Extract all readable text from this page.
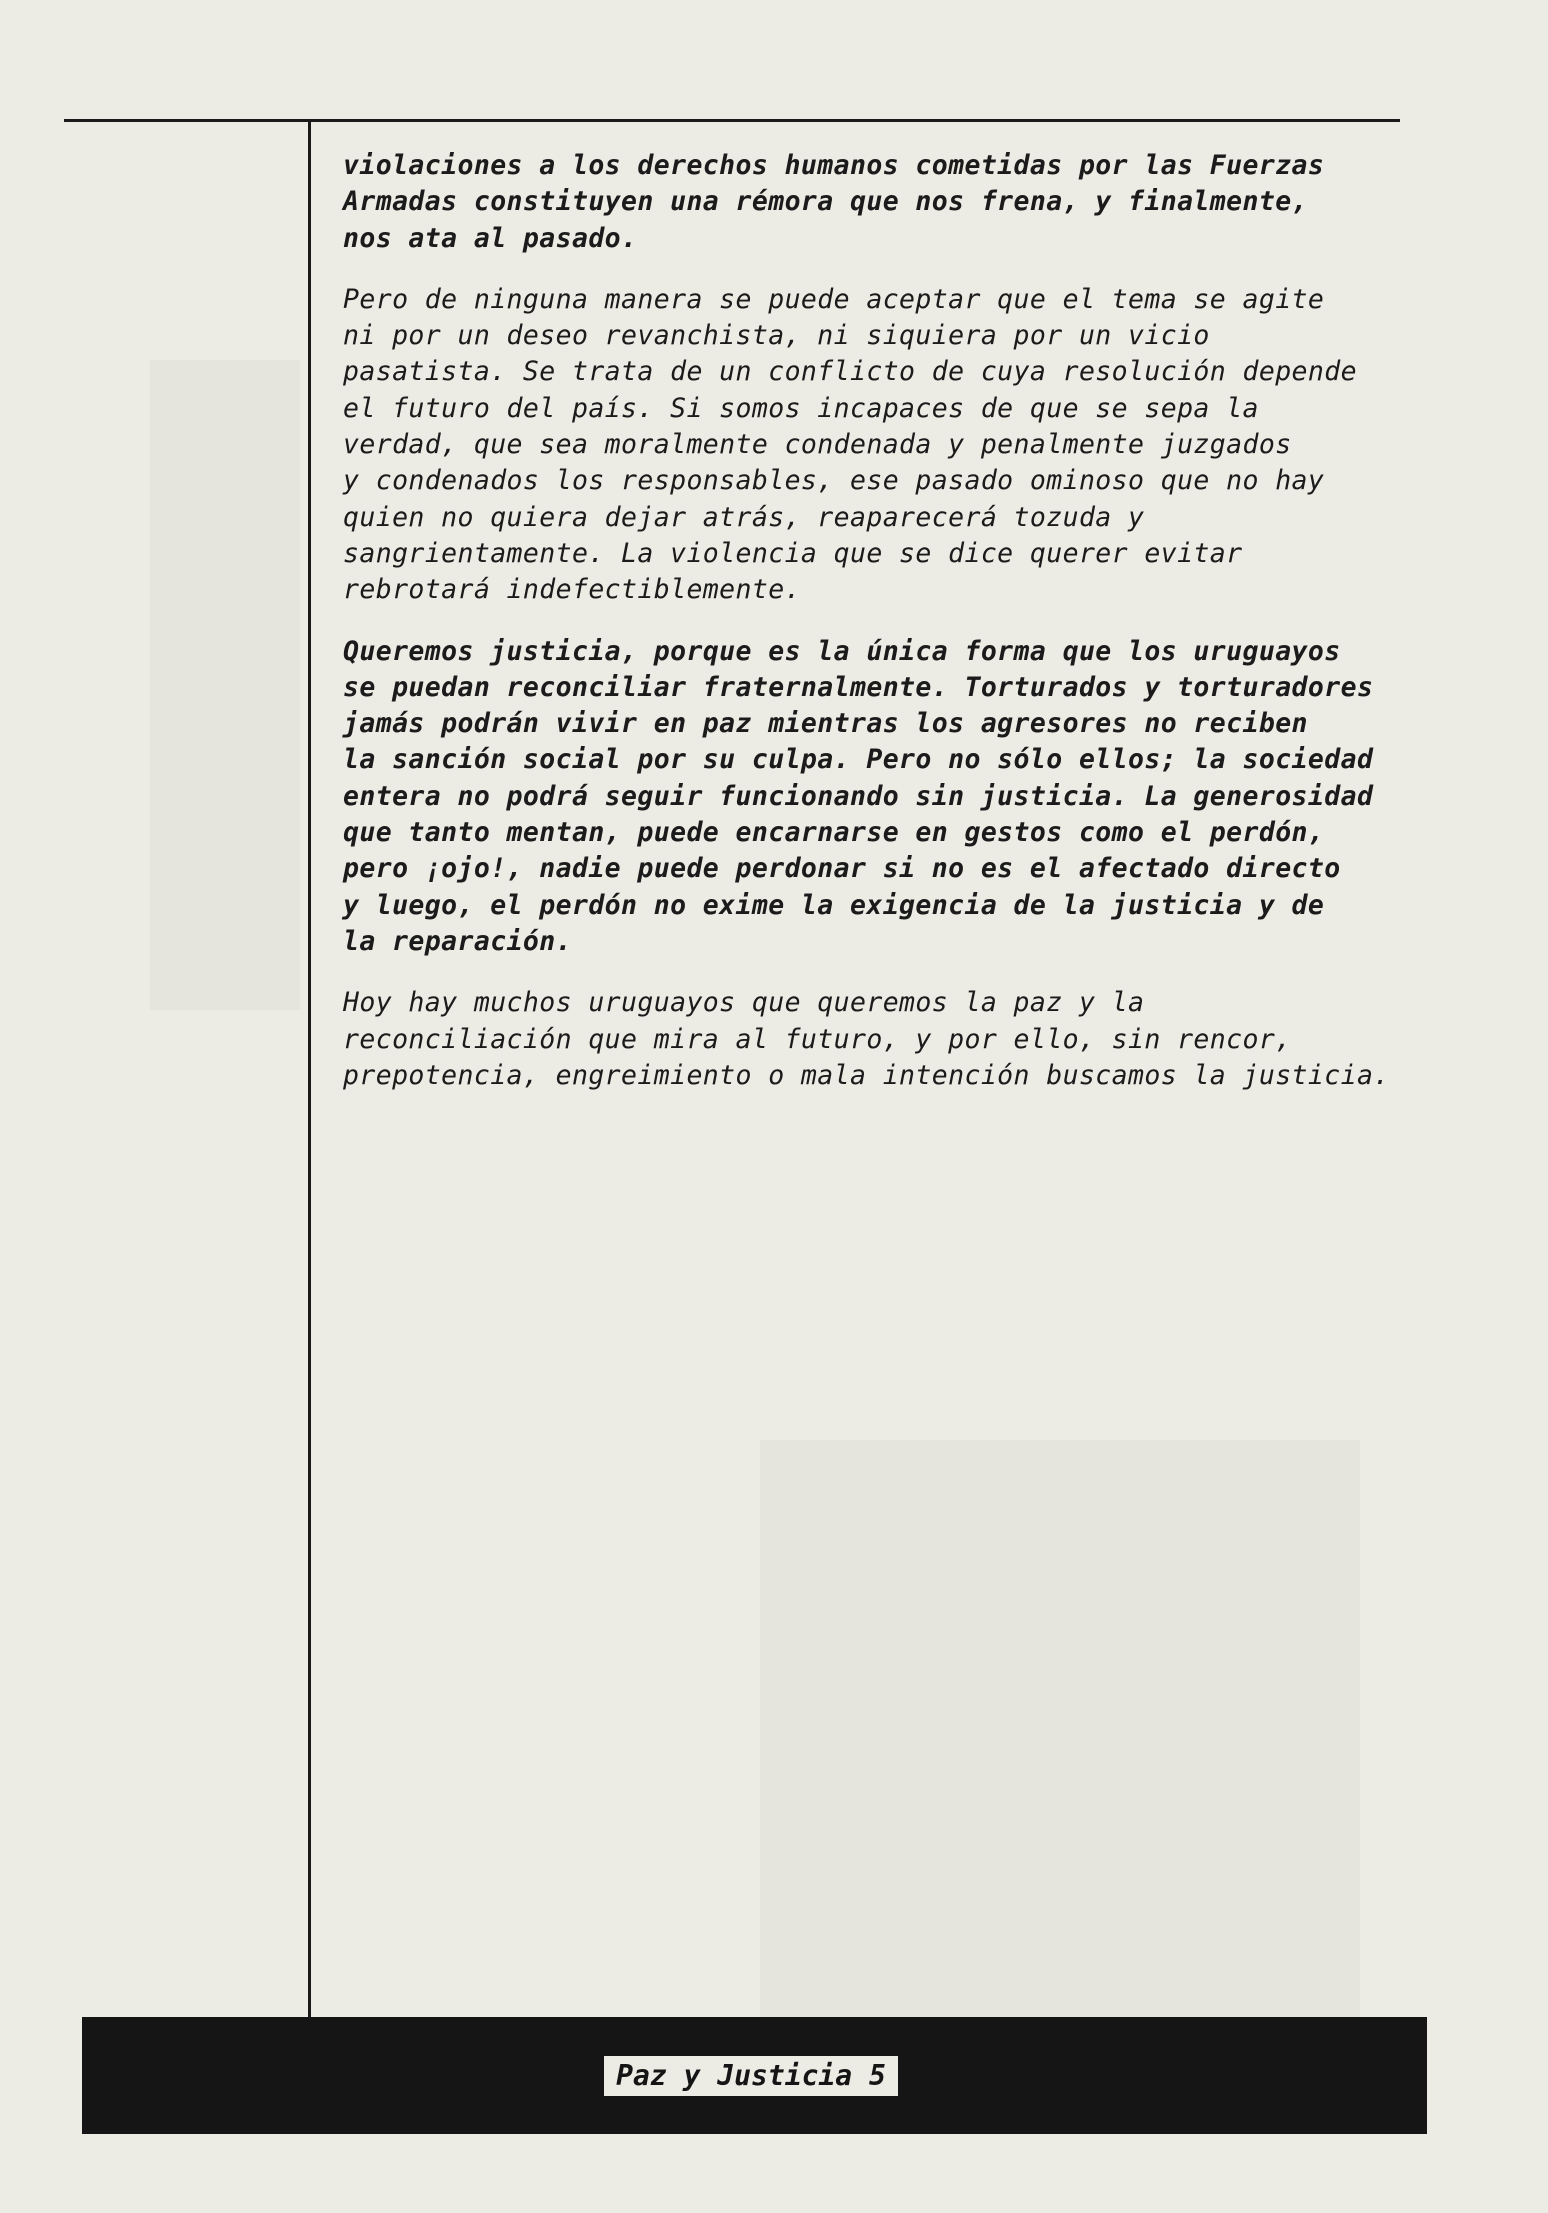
violaciones a los derechos humanos cometidas por las Fuerzas
Armadas constituyen una rémora que nos frena, y finalmente,
nos ata al pasado.

Pero de ninguna manera se puede aceptar que el tema se agite
ni por un deseo revanchista, ni siquiera por un vicio
pasatista. Se trata de un conflicto de cuya resolución depende
el futuro del país. Si somos incapaces de que se sepa la
verdad, que sea moralmente condenada y penalmente juzgados
y condenados los responsables, ese pasado ominoso que no hay
quien no quiera dejar atrás, reaparecerá tozuda y
sangrientamente. La violencia que se dice querer evitar
rebrotará indefectiblemente.

Queremos justicia, porque es la única forma que los uruguayos
se puedan reconciliar fraternalmente. Torturados y torturadores
jamás podrán vivir en paz mientras los agresores no reciben
la sanción social por su culpa. Pero no sólo ellos; la sociedad
entera no podrá seguir funcionando sin justicia. La generosidad
que tanto mentan, puede encarnarse en gestos como el perdón,
pero ¡ojo!, nadie puede perdonar si no es el afectado directo
y luego, el perdón no exime la exigencia de la justicia y de
la reparación.

Hoy hay muchos uruguayos que queremos la paz y la
reconciliación que mira al futuro, y por ello, sin rencor,
prepotencia, engreimiento o mala intención buscamos la justicia.

Paz y Justicia 5
